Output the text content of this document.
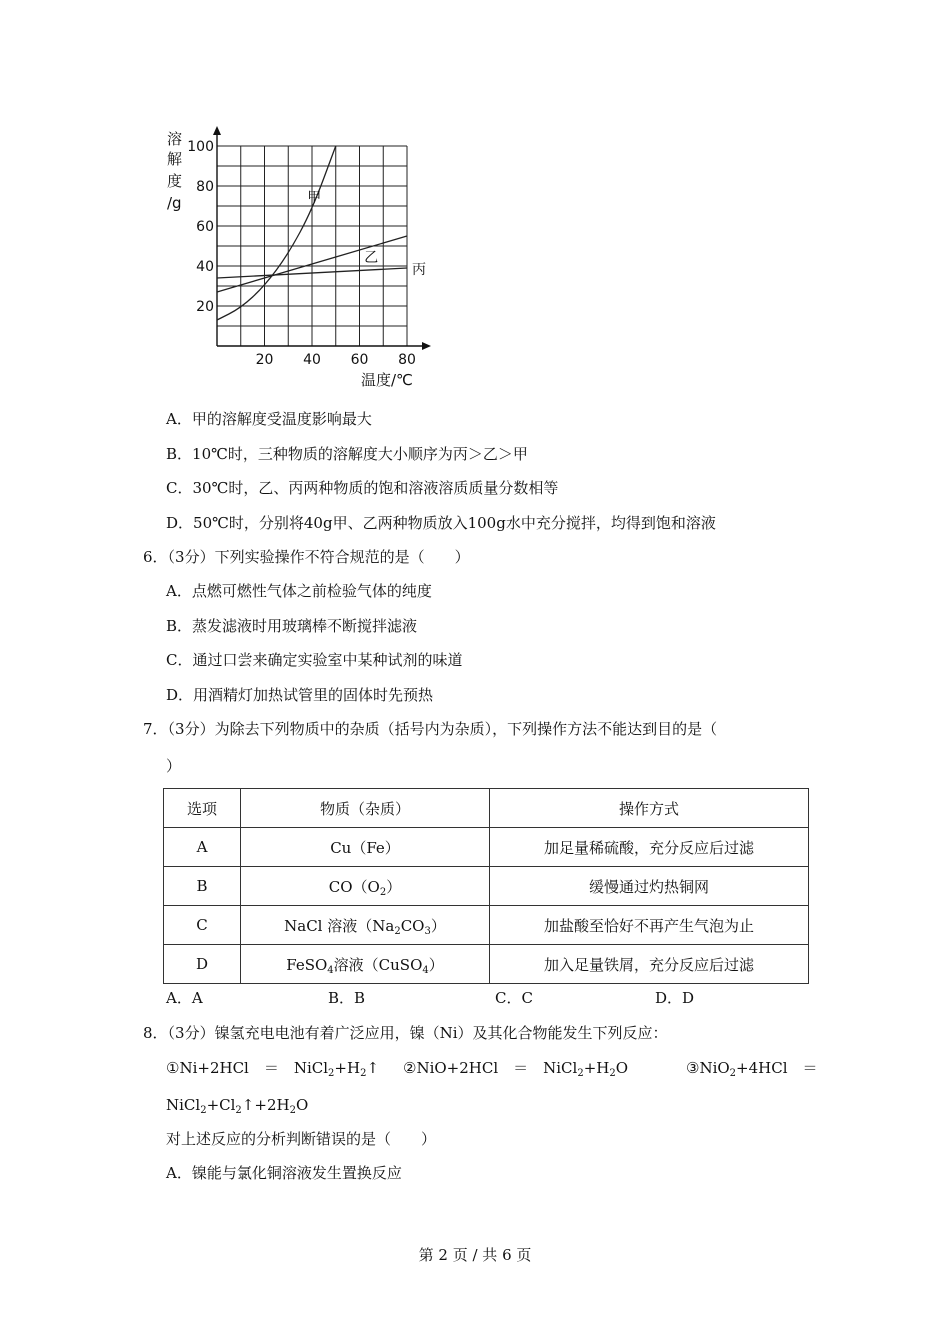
20 40 60 80
100
80
60
40
20
溶
解
度
/g
温度/℃
甲
乙
丙
A．甲的溶解度受温度影响最大
B．10℃时，三种物质的溶解度大小顺序为丙＞乙＞甲
C．30℃时，乙、丙两种物质的饱和溶液溶质质量分数相等
D．50℃时，分别将40g甲、乙两种物质放入100g水中充分搅拌，均得到饱和溶液
6．（3分）下列实验操作不符合规范的是（　　）
A．点燃可燃性气体之前检验气体的纯度
B．蒸发滤液时用玻璃棒不断搅拌滤液
C．通过口尝来确定实验室中某种试剂的味道
D．用酒精灯加热试管里的固体时先预热
7．（3分）为除去下列物质中的杂质（括号内为杂质），下列操作方法不能达到目的是（
）
选项	物质（杂质）	操作方式
A	Cu（Fe）	加足量稀硫酸，充分反应后过滤
B	$CO(O_2)$	缓慢通过灼热铜网
C	NaCl 溶液$(Na_2CO_3)$	加盐酸至恰好不再产生气泡为止
D	FeSO$_4$溶液（CuSO$_4$）	加入足量铁屑，充分反应后过滤
A．A	B．B	C．C	D．D
8．（3分）镍氢充电电池有着广泛应用，镍（Ni）及其化合物能发生下列反应：
①Ni+2HCl　＝　$NiCl_2+H_2↑$ ②NiO+2HCl　＝　$NiCl_2+H_2O$	③NiO$_2$+4HCl　＝
$NiCl_2+Cl_2↑+2H_2O$
对上述反应的分析判断错误的是（　　）
A．镍能与氯化铜溶液发生置换反应
第 2 页 / 共 6 页
